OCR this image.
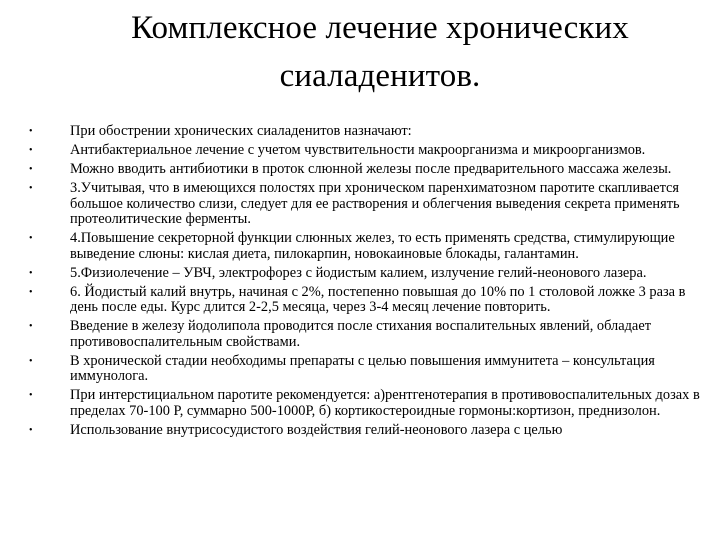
Комплексное лечение хронических сиаладенитов.
•	При обострении хронических сиаладенитов назначают:
•	Антибактериальное лечение с учетом чувствительности макроорганизма и микроорганизмов.
•	Можно вводить антибиотики в проток слюнной железы после предварительного массажа железы.
•	3.Учитывая, что в имеющихся полостях при хроническом паренхиматозном паротите скапливается большое количество слизи, следует для ее растворения и облегчения выведения секрета применять протеолитические ферменты.
•	4.Повышение секреторной функции слюнных желез, то есть применять средства, стимулирующие выведение слюны: кислая диета, пилокарпин, новокаиновые блокады, галантамин.
•	5.Физиолечение – УВЧ, электрофорез с йодистым калием, излучение гелий-неонового лазера.
•	6. Йодистый калий внутрь, начиная с 2%, постепенно повышая до 10% по 1 столовой ложке 3 раза в день после еды. Курс длится 2-2,5 месяца, через 3-4 месяц лечение повторить.
•	Введение в железу йодолипола проводится после стихания воспалительных явлений, обладает противовоспалительным свойствами.
•	В хронической стадии необходимы препараты с целью повышения иммунитета – консультация иммунолога.
•	При интерстициальном паротите рекомендуется: а)рентгенотерапия в противовоспалительных дозах в пределах 70-100 Р, суммарно 500-1000Р, б) кортикостероидные гормоны:кортизон, преднизолон.
•	Использование внутрисосудистого воздействия гелий-неонового лазера с целью
